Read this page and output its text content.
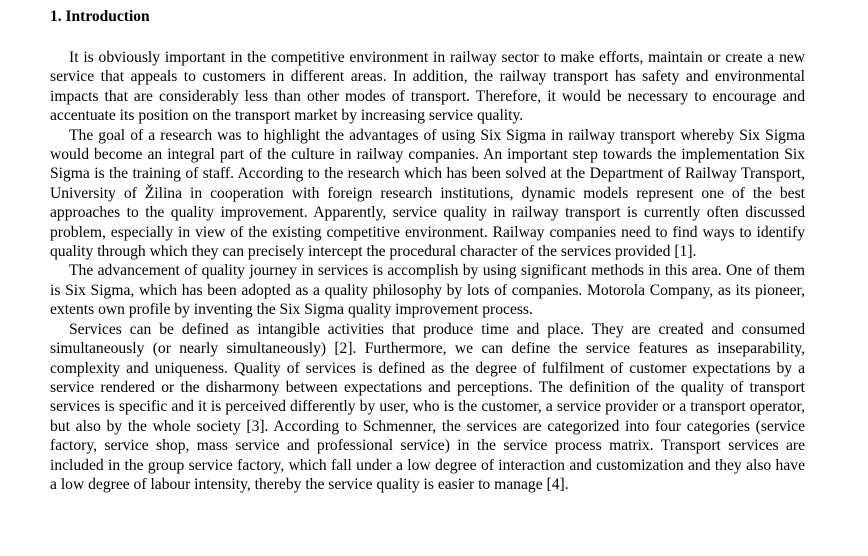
1. Introduction

It is obviously important in the competitive environment in railway sector to make efforts, maintain or create a new service that appeals to customers in different areas. In addition, the railway transport has safety and environmental impacts that are considerably less than other modes of transport. Therefore, it would be necessary to encourage and accentuate its position on the transport market by increasing service quality.

The goal of a research was to highlight the advantages of using Six Sigma in railway transport whereby Six Sigma would become an integral part of the culture in railway companies. An important step towards the implementation Six Sigma is the training of staff. According to the research which has been solved at the Department of Railway Transport, University of Žilina in cooperation with foreign research institutions, dynamic models represent one of the best approaches to the quality improvement. Apparently, service quality in railway transport is currently often discussed problem, especially in view of the existing competitive environment. Railway companies need to find ways to identify quality through which they can precisely intercept the procedural character of the services provided [1].

The advancement of quality journey in services is accomplish by using significant methods in this area. One of them is Six Sigma, which has been adopted as a quality philosophy by lots of companies. Motorola Company, as its pioneer, extents own profile by inventing the Six Sigma quality improvement process.

Services can be defined as intangible activities that produce time and place. They are created and consumed simultaneously (or nearly simultaneously) [2]. Furthermore, we can define the service features as inseparability, complexity and uniqueness. Quality of services is defined as the degree of fulfilment of customer expectations by a service rendered or the disharmony between expectations and perceptions. The definition of the quality of transport services is specific and it is perceived differently by user, who is the customer, a service provider or a transport operator, but also by the whole society [3]. According to Schmenner, the services are categorized into four categories (service factory, service shop, mass service and professional service) in the service process matrix. Transport services are included in the group service factory, which fall under a low degree of interaction and customization and they also have a low degree of labour intensity, thereby the service quality is easier to manage [4].
